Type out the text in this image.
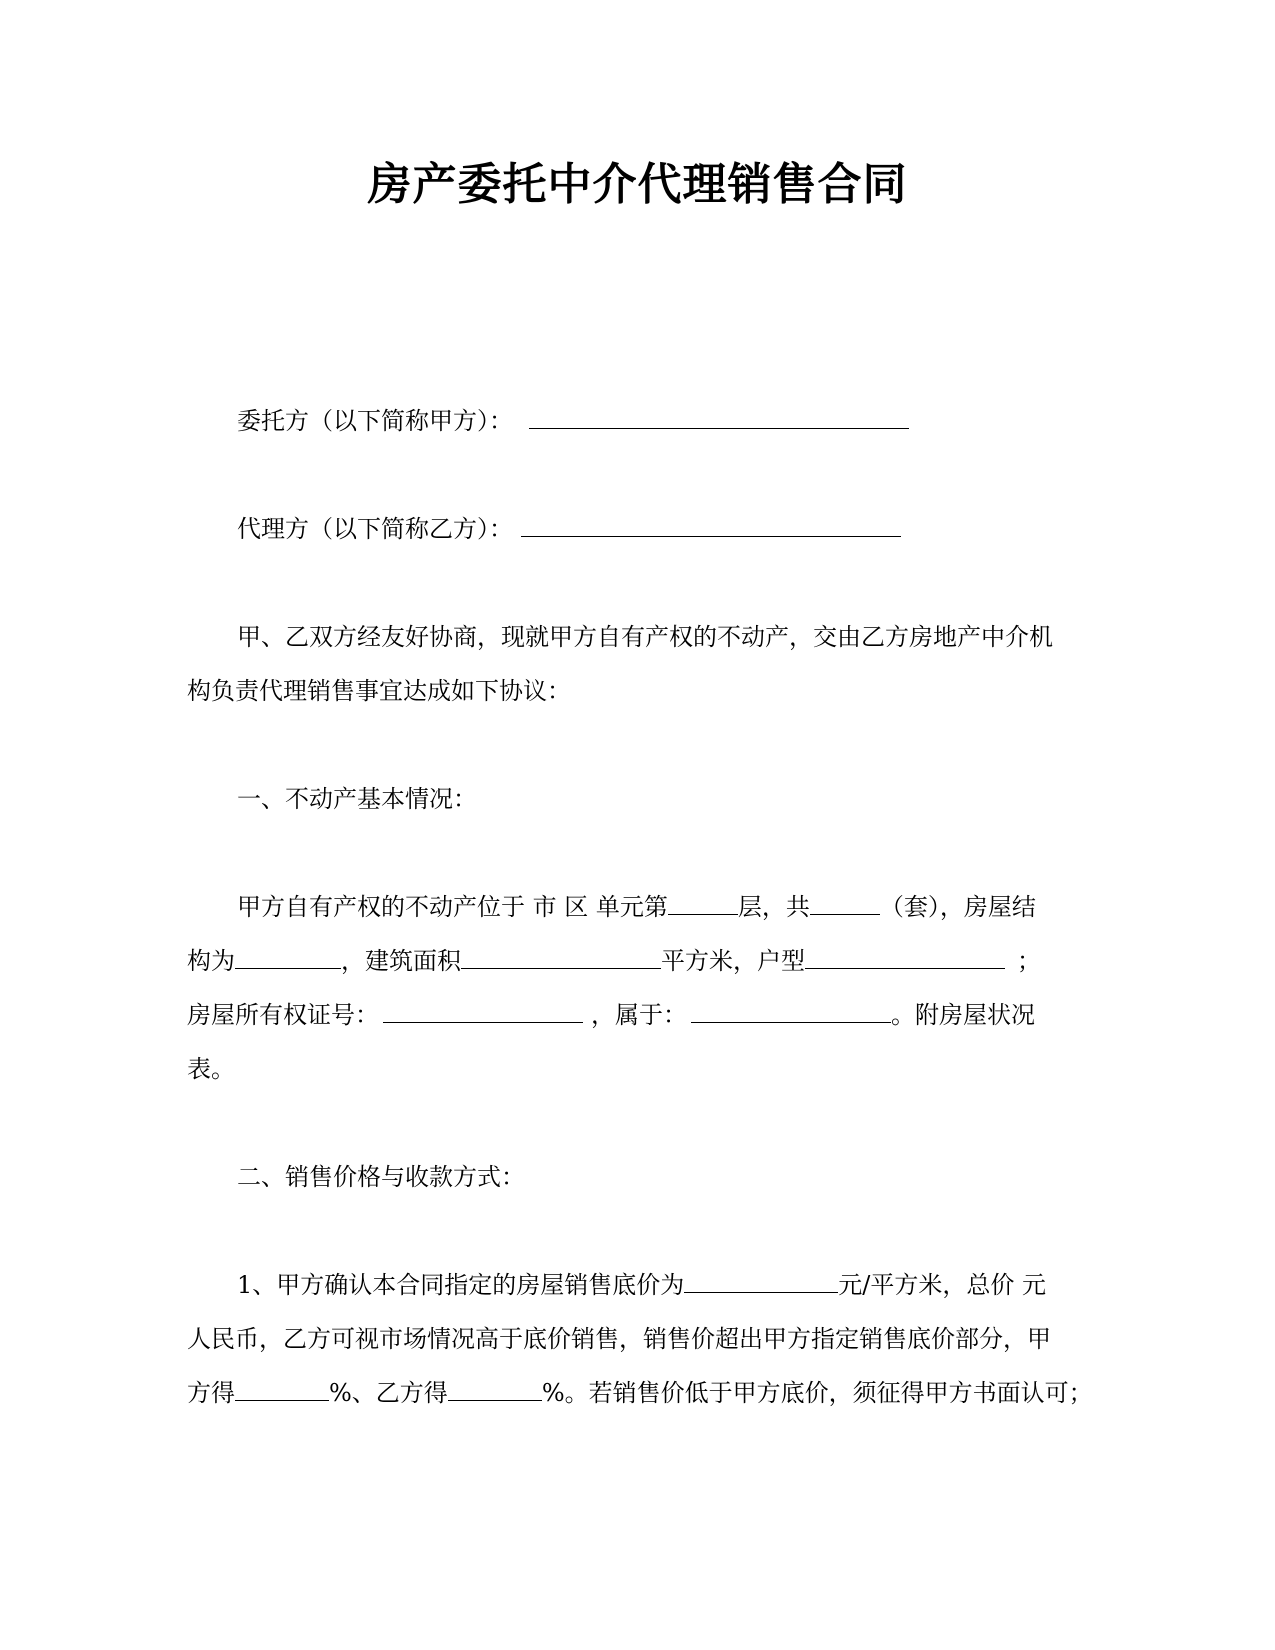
房产委托中介代理销售合同
委托方（以下简称甲方）：
代理方（以下简称乙方）：
甲、乙双方经友好协商，现就甲方自有产权的不动产，交由乙方房地产中介机
构负责代理销售事宜达成如下协议：
一、不动产基本情况：
甲方自有产权的不动产位于 市 区 单元第	层，共	（套），房屋结
构为	，建筑面积	平方米，户型	；
房屋所有权证号：	，属于：	。附房屋状况
表。
二、销售价格与收款方式：
1、甲方确认本合同指定的房屋销售底价为	元/平方米，总价 元
人民币，乙方可视市场情况高于底价销售，销售价超出甲方指定销售底价部分，甲
方得	%、乙方得	%。若销售价低于甲方底价，须征得甲方书面认可；
